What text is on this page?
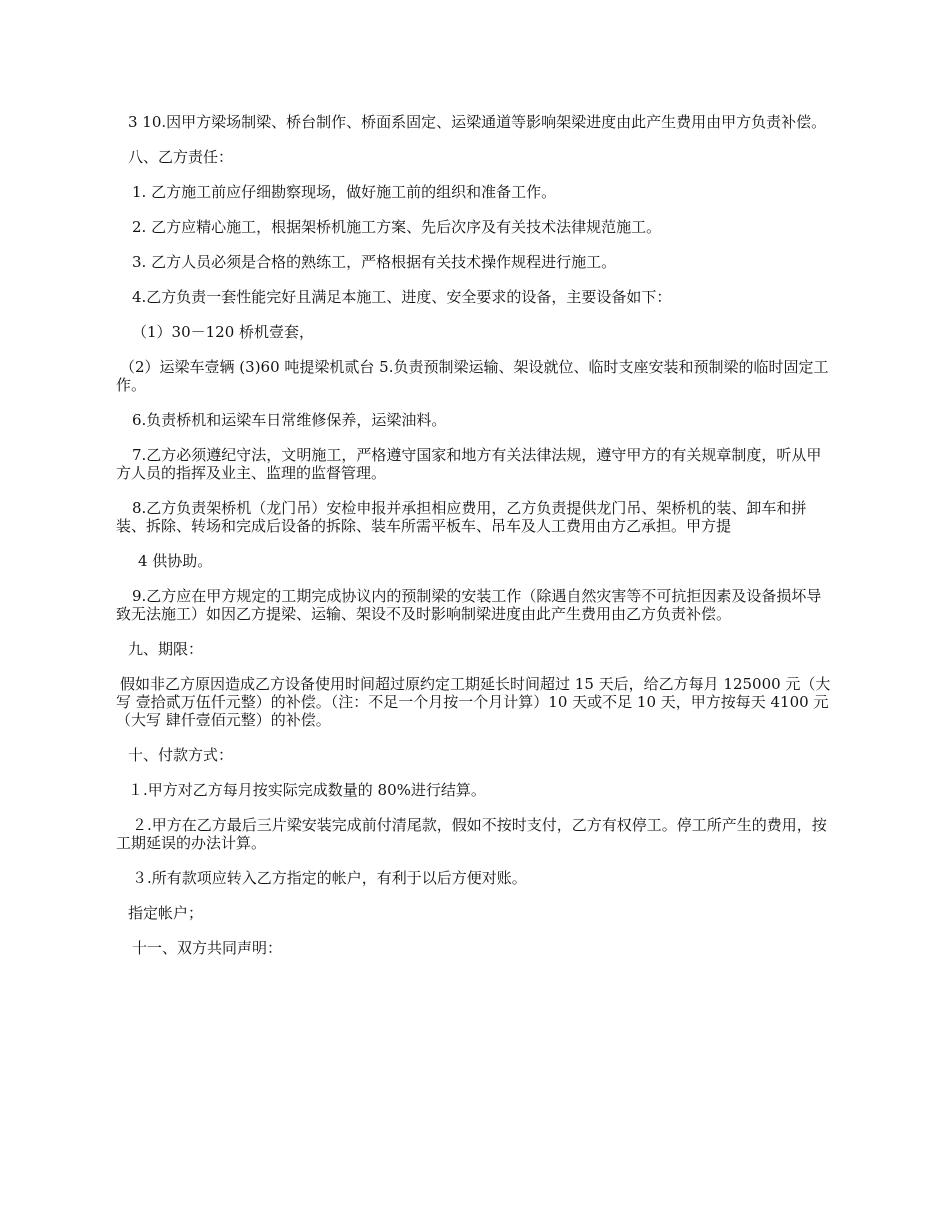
3 10.因甲方梁场制梁、桥台制作、桥面系固定、运梁通道等影响架梁进度由此产生费用由甲方负责补偿。

八、乙方责任：

1. 乙方施工前应仔细勘察现场，做好施工前的组织和准备工作。

2. 乙方应精心施工，根据架桥机施工方案、先后次序及有关技术法律规范施工。

3. 乙方人员必须是合格的熟练工，严格根据有关技术操作规程进行施工。

4.乙方负责一套性能完好且满足本施工、进度、安全要求的设备，主要设备如下：

（1）30－120 桥机壹套，

（2）运梁车壹辆 (3)60 吨提梁机贰台 5.负责预制梁运输、架设就位、临时支座安装和预制梁的临时固定工作。

6.负责桥机和运梁车日常维修保养，运梁油料。

7.乙方必须遵纪守法，文明施工，严格遵守国家和地方有关法律法规，遵守甲方的有关规章制度，听从甲方人员的指挥及业主、监理的监督管理。

8.乙方负责架桥机（龙门吊）安检申报并承担相应费用，乙方负责提供龙门吊、架桥机的装、卸车和拼装、拆除、转场和完成后设备的拆除、装车所需平板车、吊车及人工费用由方乙承担。甲方提

4 供协助。

9.乙方应在甲方规定的工期完成协议内的预制梁的安装工作（除遇自然灾害等不可抗拒因素及设备损坏导致无法施工）如因乙方提梁、运输、架设不及时影响制梁进度由此产生费用由乙方负责补偿。

九、期限：

假如非乙方原因造成乙方设备使用时间超过原约定工期延长时间超过 15 天后，给乙方每月 125000 元（大写 壹拾贰万伍仟元整）的补偿。（注：不足一个月按一个月计算）10 天或不足 10 天，甲方按每天 4100 元（大写 肆仟壹佰元整）的补偿。

十、付款方式：

１.甲方对乙方每月按实际完成数量的 80%进行结算。

２.甲方在乙方最后三片梁安装完成前付清尾款，假如不按时支付，乙方有权停工。停工所产生的费用，按工期延误的办法计算。

３.所有款项应转入乙方指定的帐户，有利于以后方便对账。

指定帐户；

十一、双方共同声明：
